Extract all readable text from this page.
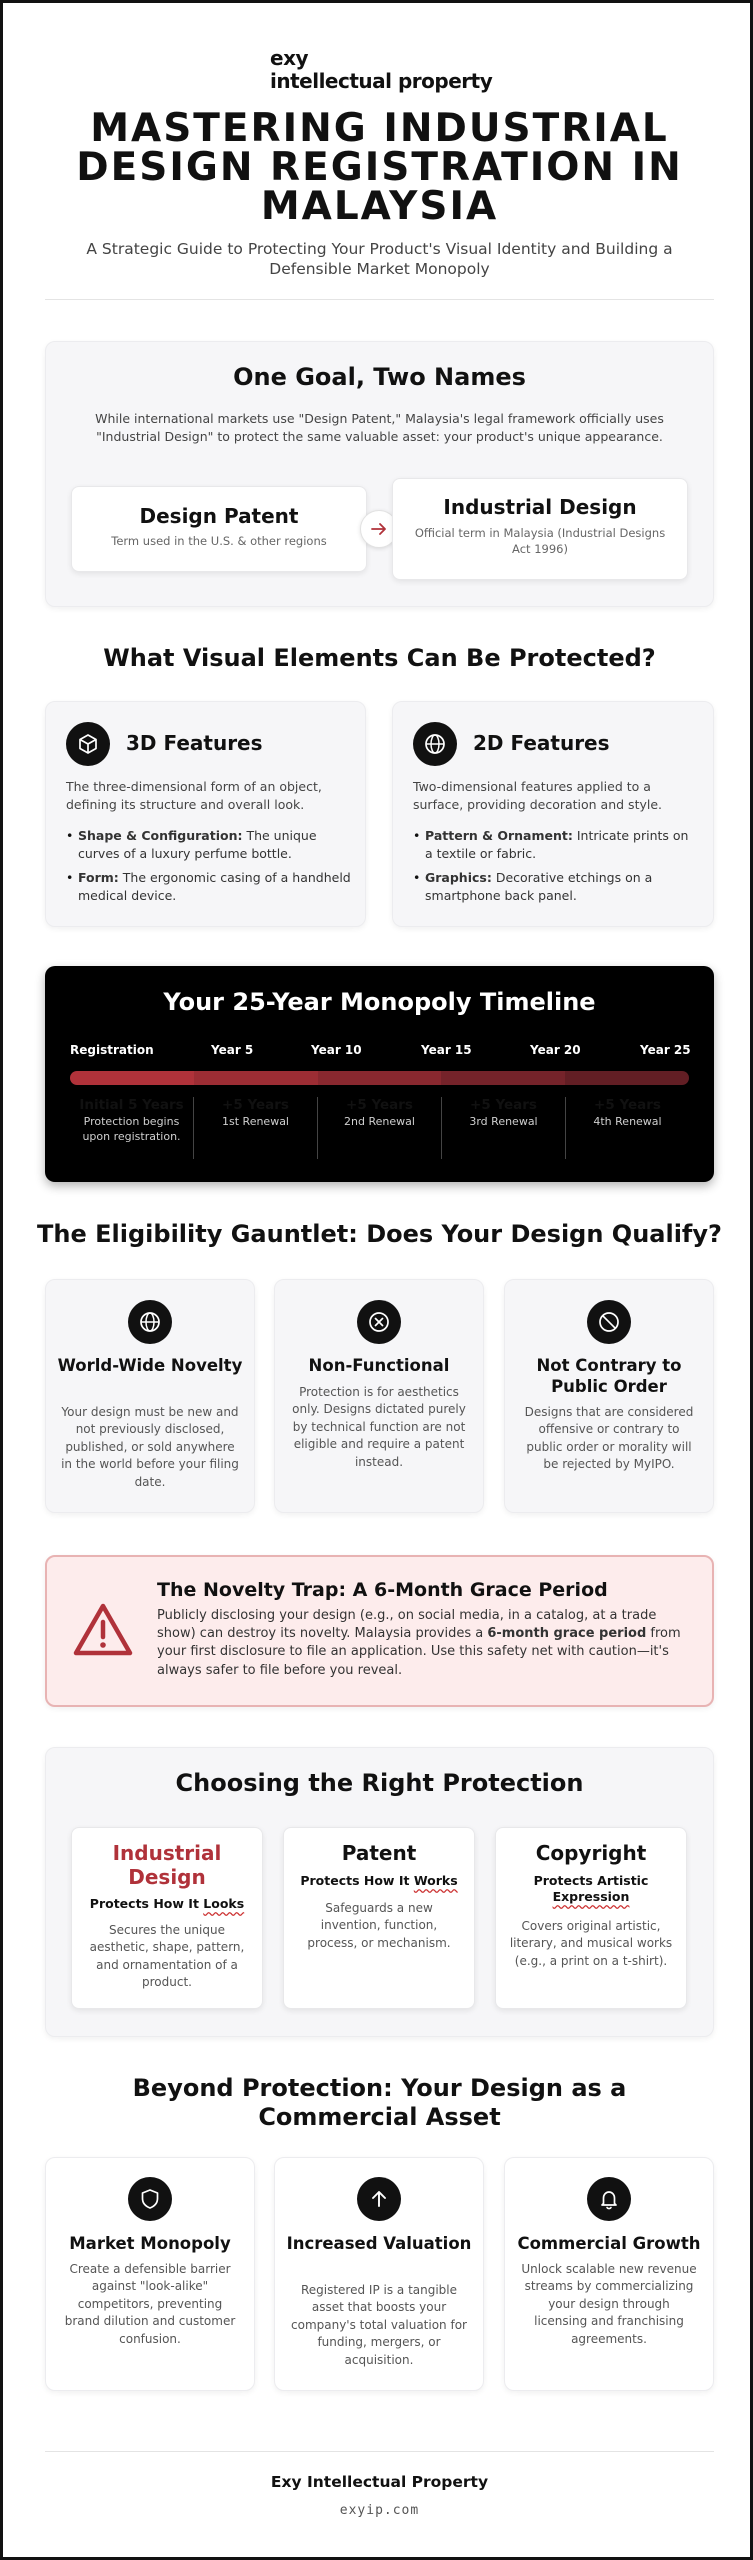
exy
intellectual property
MASTERING INDUSTRIAL DESIGN REGISTRATION IN MALAYSIA
A Strategic Guide to Protecting Your Product's Visual Identity and Building a Defensible Market Monopoly
One Goal, Two Names
While international markets use "Design Patent," Malaysia's legal framework officially uses "Industrial Design" to protect the same valuable asset: your product's unique appearance.
Design Patent
Term used in the U.S. & other regions
Industrial Design
Official term in Malaysia (Industrial Designs Act 1996)
What Visual Elements Can Be Protected?
3D Features
The three-dimensional form of an object, defining its structure and overall look.
• Shape & Configuration: The unique curves of a luxury perfume bottle.
• Form: The ergonomic casing of a handheld medical device.
2D Features
Two-dimensional features applied to a surface, providing decoration and style.
• Pattern & Ornament: Intricate prints on a textile or fabric.
• Graphics: Decorative etchings on a smartphone back panel.
Your 25-Year Monopoly Timeline
Registration	Year 5	Year 10	Year 15	Year 20	Year 25
Initial 5 Years
Protection begins upon registration.
+5 Years
1st Renewal
+5 Years
2nd Renewal
+5 Years
3rd Renewal
+5 Years
4th Renewal
The Eligibility Gauntlet: Does Your Design Qualify?
World-Wide Novelty
Your design must be new and not previously disclosed, published, or sold anywhere in the world before your filing date.
Non-Functional
Protection is for aesthetics only. Designs dictated purely by technical function are not eligible and require a patent instead.
Not Contrary to Public Order
Designs that are considered offensive or contrary to public order or morality will be rejected by MyIPO.
The Novelty Trap: A 6-Month Grace Period
Publicly disclosing your design (e.g., on social media, in a catalog, at a trade show) can destroy its novelty. Malaysia provides a 6-month grace period from your first disclosure to file an application. Use this safety net with caution—it's always safer to file before you reveal.
Choosing the Right Protection
Industrial Design
Protects How It Looks
Secures the unique aesthetic, shape, pattern, and ornamentation of a product.
Patent
Protects How It Works
Safeguards a new invention, function, process, or mechanism.
Copyright
Protects Artistic Expression
Covers original artistic, literary, and musical works (e.g., a print on a t-shirt).
Beyond Protection: Your Design as a Commercial Asset
Market Monopoly
Create a defensible barrier against "look-alike" competitors, preventing brand dilution and customer confusion.
Increased Valuation
Registered IP is a tangible asset that boosts your company's total valuation for funding, mergers, or acquisition.
Commercial Growth
Unlock scalable new revenue streams by commercializing your design through licensing and franchising agreements.
Exy Intellectual Property
exyip.com
